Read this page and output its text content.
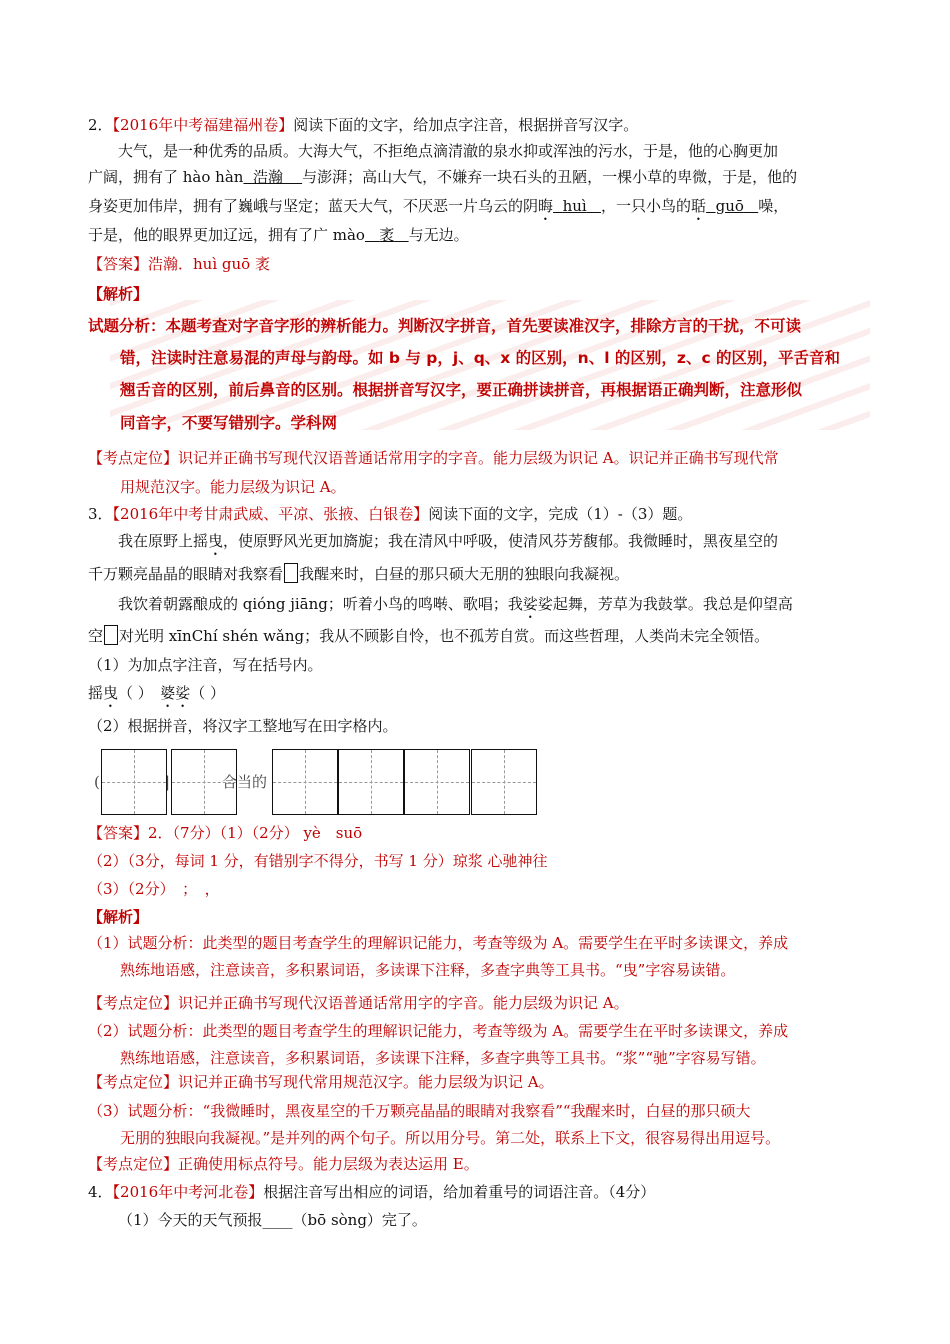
2．【2016年中考福建福州卷】阅读下面的文字，给加点字注音，根据拼音写汉字。
大气，是一种优秀的品质。大海大气，不拒绝点滴清澈的泉水抑或浑浊的污水，于是，他的心胸更加
广阔，拥有了 hào hàn 浩瀚 与澎湃；高山大气，不嫌弃一块石头的丑陋，一棵小草的卑微，于是，他的
身姿更加伟岸，拥有了巍峨与坚定；蓝天大气，不厌恶一片乌云的阴晦 huì ，一只小鸟的聒 guō 噪，
于是，他的眼界更加辽远，拥有了广 mào 袤 与无边。
【答案】浩瀚．huì guō 袤
【解析】
试题分析：本题考查对字音字形的辨析能力。判断汉字拼音，首先要读准汉字，排除方言的干扰，不可读
错，注读时注意易混的声母与韵母。如 b 与 p，j、q、x 的区别，n、l 的区别，z、c 的区别，平舌音和
翘舌音的区别，前后鼻音的区别。根据拼音写汉字，要正确拼读拼音，再根据语正确判断，注意形似
同音字，不要写错别字。学科网
【考点定位】识记并正确书写现代汉语普通话常用字的字音。能力层级为识记 A。识记并正确书写现代常
用规范汉字。能力层级为识记 A。
3．【2016年中考甘肃武威、平凉、张掖、白银卷】阅读下面的文字，完成（1）-（3）题。
我在原野上摇曳，使原野风光更加旖旎；我在清风中呼吸，使清风芬芳馥郁。我微睡时，黑夜星空的
千万颗亮晶晶的眼睛对我察看 我醒来时，白昼的那只硕大无朋的独眼向我凝视。
我饮着朝露酿成的 qióng jiāng；听着小鸟的鸣啭、歌唱；我娑娑起舞，芳草为我鼓掌。我总是仰望高
空 对光明 xīnChí shén wǎng；我从不顾影自怜，也不孤芳自赏。而这些哲理，人类尚未完全领悟。
（1）为加点字注音，写在括号内。
摇曳（ ）　婆娑（ ）
（2）根据拼音，将汉字工整地写在田字格内。
(	|	合当的
【答案】2．（7分）（1）（2分） yè　suō
（2）（3分，每词 1 分，有错别字不得分，书写 1 分）琼浆 心驰神往
（3）（2分）　；　，
【解析】
（1）试题分析：此类型的题目考查学生的理解识记能力，考查等级为 A。需要学生在平时多读课文，养成
熟练地语感，注意读音，多积累词语，多读课下注释，多查字典等工具书。“曳”字容易读错。
【考点定位】识记并正确书写现代汉语普通话常用字的字音。能力层级为识记 A。
（2）试题分析：此类型的题目考查学生的理解识记能力，考查等级为 A。需要学生在平时多读课文，养成
熟练地语感，注意读音，多积累词语，多读课下注释，多查字典等工具书。“浆”“驰”字容易写错。
【考点定位】识记并正确书写现代常用规范汉字。能力层级为识记 A。
（3）试题分析：“我微睡时，黑夜星空的千万颗亮晶晶的眼睛对我察看”“我醒来时，白昼的那只硕大
无朋的独眼向我凝视。”是并列的两个句子。所以用分号。第二处，联系上下文，很容易得出用逗号。
【考点定位】正确使用标点符号。能力层级为表达运用 E。
4．【2016年中考河北卷】根据注音写出相应的词语，给加着重号的词语注音。（4分）
（1）今天的天气预报____（bō sòng）完了。
